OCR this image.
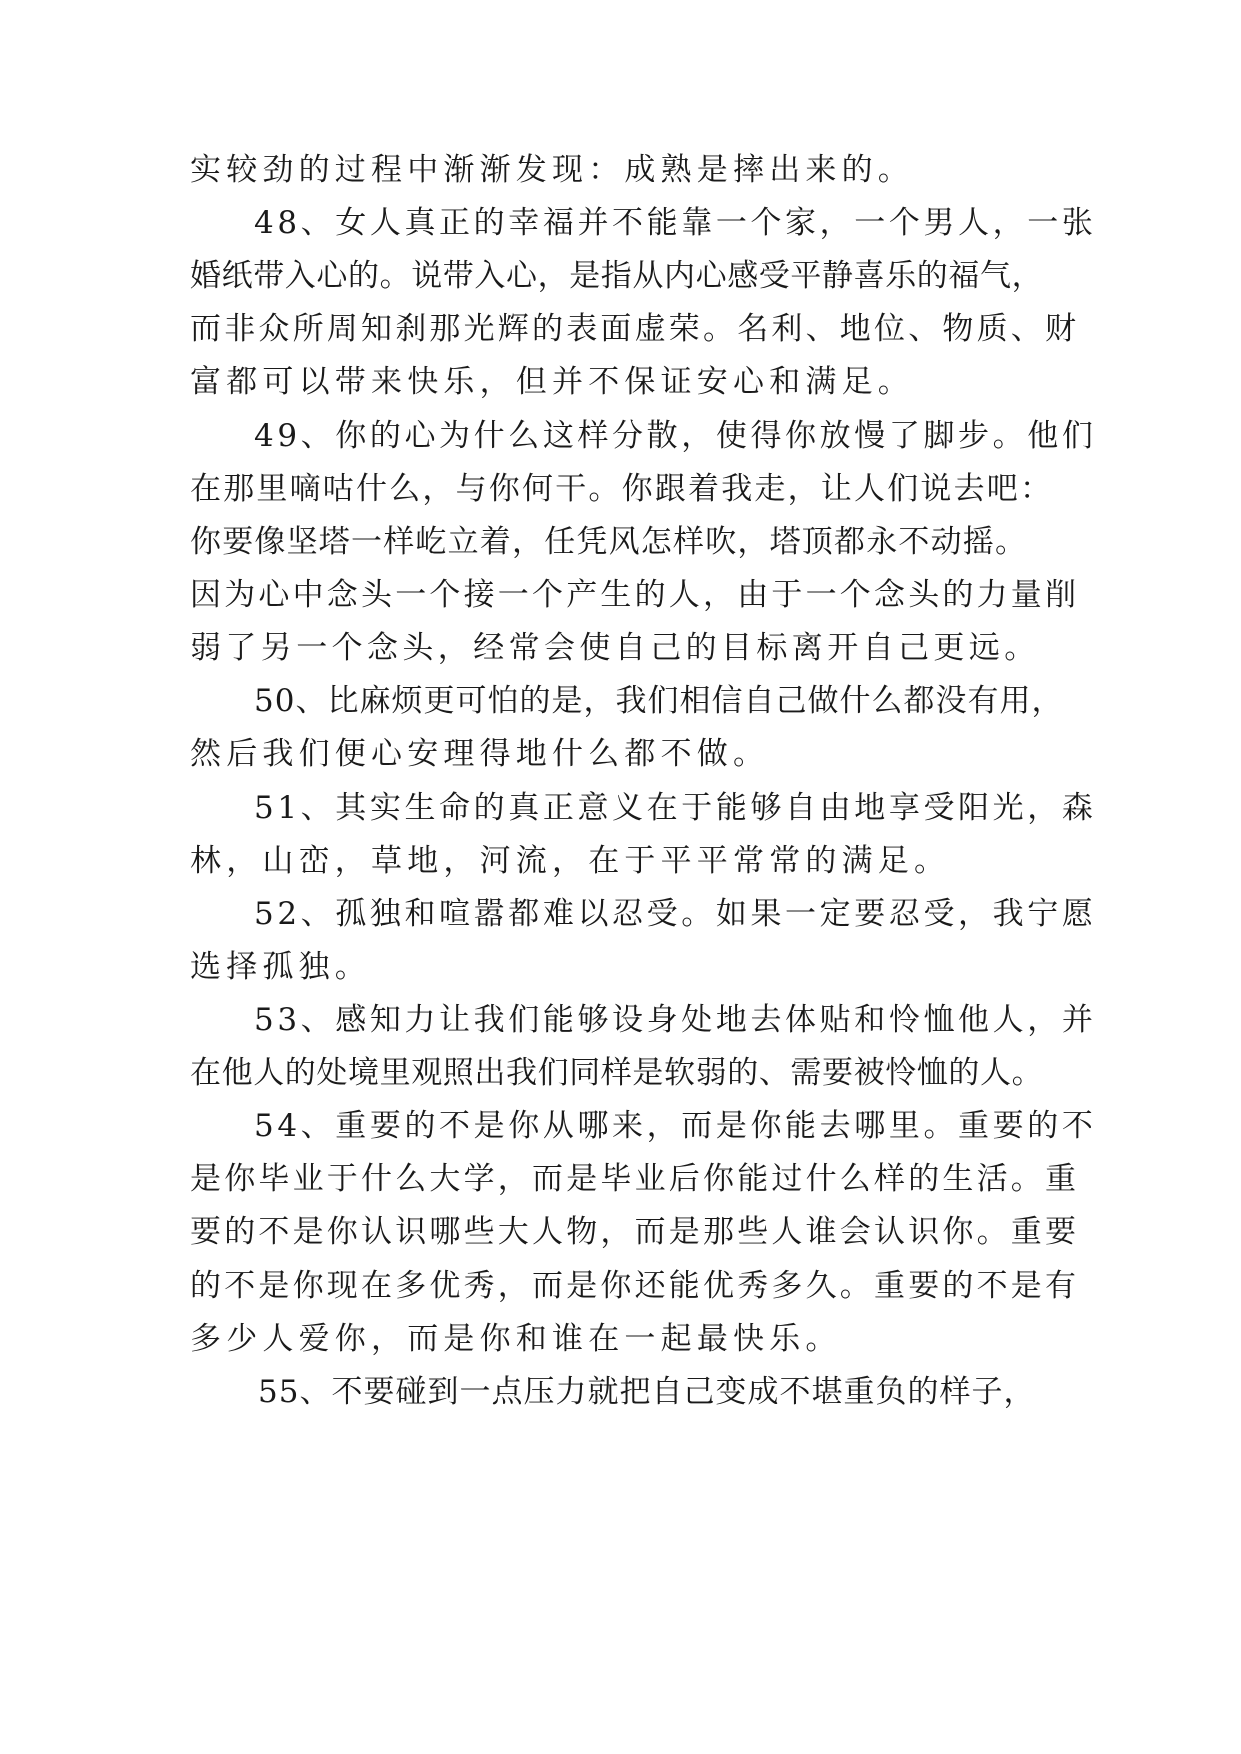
实较劲的过程中渐渐发现：成熟是摔出来的。
48、女人真正的幸福并不能靠一个家，一个男人，一张
婚纸带入心的。说带入心，是指从内心感受平静喜乐的福气，
而非众所周知刹那光辉的表面虚荣。名利、地位、物质、财
富都可以带来快乐，但并不保证安心和满足。
49、你的心为什么这样分散，使得你放慢了脚步。他们
在那里嘀咕什么，与你何干。你跟着我走，让人们说去吧：
你要像坚塔一样屹立着，任凭风怎样吹，塔顶都永不动摇。
因为心中念头一个接一个产生的人，由于一个念头的力量削
弱了另一个念头，经常会使自己的目标离开自己更远。
50、比麻烦更可怕的是，我们相信自己做什么都没有用，
然后我们便心安理得地什么都不做。
51、其实生命的真正意义在于能够自由地享受阳光，森
林，山峦，草地，河流，在于平平常常的满足。
52、孤独和喧嚣都难以忍受。如果一定要忍受，我宁愿
选择孤独。
53、感知力让我们能够设身处地去体贴和怜恤他人，并
在他人的处境里观照出我们同样是软弱的、需要被怜恤的人。
54、重要的不是你从哪来，而是你能去哪里。重要的不
是你毕业于什么大学，而是毕业后你能过什么样的生活。重
要的不是你认识哪些大人物，而是那些人谁会认识你。重要
的不是你现在多优秀，而是你还能优秀多久。重要的不是有
多少人爱你，而是你和谁在一起最快乐。
55、不要碰到一点压力就把自己变成不堪重负的样子，
